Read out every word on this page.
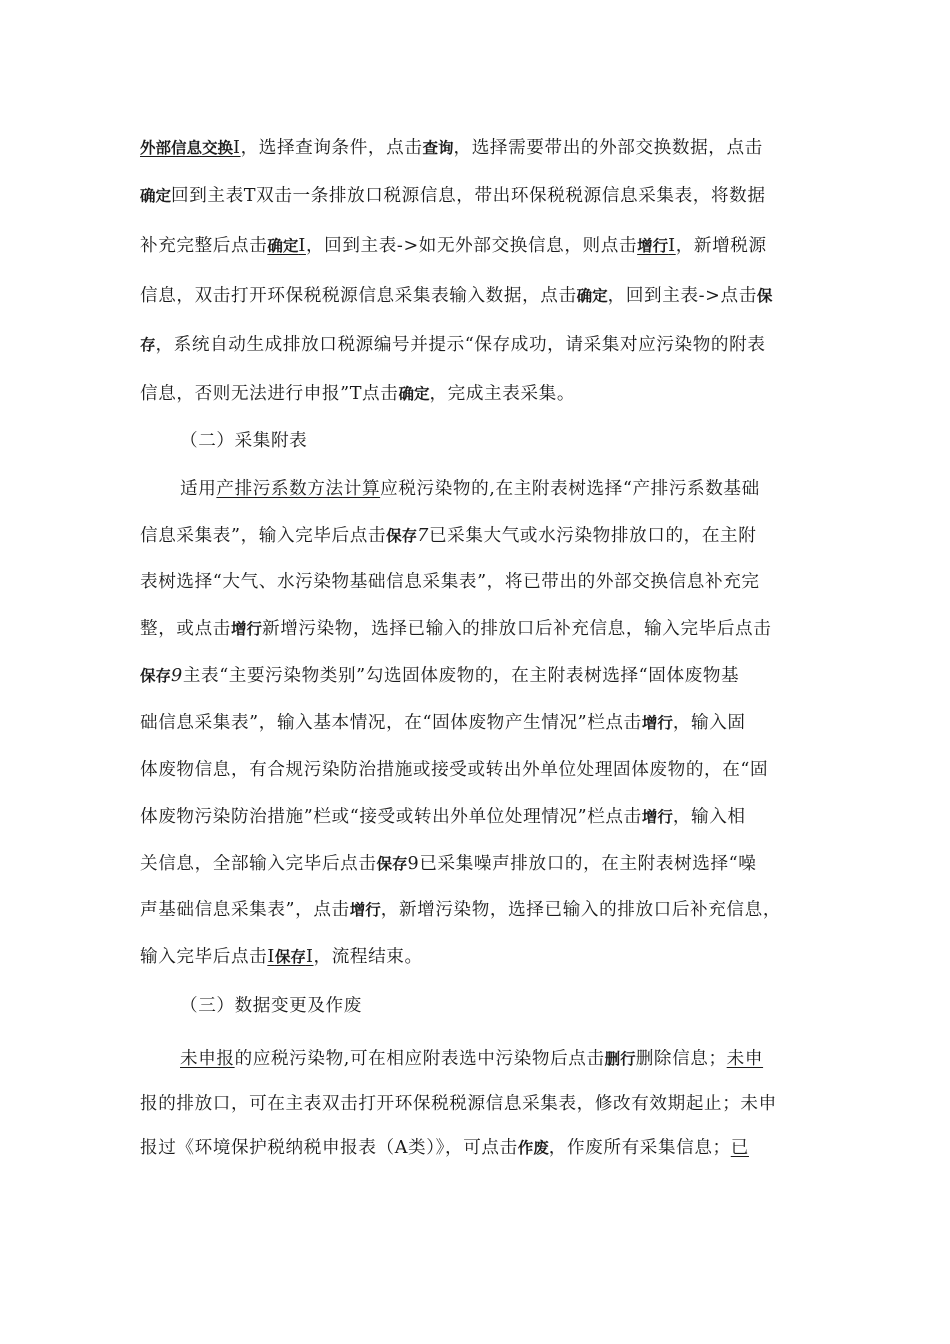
外部信息交换I，选择查询条件，点击查询，选择需要带出的外部交换数据，点击
确定回到主表T双击一条排放口税源信息，带出环保税税源信息采集表，将数据
补充完整后点击确定I，回到主表->如无外部交换信息，则点击增行I，新增税源
信息，双击打开环保税税源信息采集表输入数据，点击确定，回到主表->点击保
存，系统自动生成排放口税源编号并提示“保存成功，请采集对应污染物的附表
信息，否则无法进行申报”T点击确定，完成主表采集。
（二）采集附表
适用产排污系数方法计算应税污染物的,在主附表树选择“产排污系数基础
信息采集表”，输入完毕后点击保存7已采集大气或水污染物排放口的，在主附
表树选择“大气、水污染物基础信息采集表”，将已带出的外部交换信息补充完
整，或点击增行新增污染物，选择已输入的排放口后补充信息，输入完毕后点击
保存9主表“主要污染物类别”勾选固体废物的，在主附表树选择“固体废物基
础信息采集表”，输入基本情况，在“固体废物产生情况”栏点击增行，输入固
体废物信息，有合规污染防治措施或接受或转出外单位处理固体废物的，在“固
体废物污染防治措施”栏或“接受或转出外单位处理情况”栏点击增行，输入相
关信息，全部输入完毕后点击保存9已采集噪声排放口的，在主附表树选择“噪
声基础信息采集表”，点击增行，新增污染物，选择已输入的排放口后补充信息，
输入完毕后点击I保存I，流程结束。
（三）数据变更及作废
未申报的应税污染物,可在相应附表选中污染物后点击删行删除信息；未申
报的排放口，可在主表双击打开环保税税源信息采集表，修改有效期起止；未申
报过《环境保护税纳税申报表（A类）》，可点击作废，作废所有采集信息；已
